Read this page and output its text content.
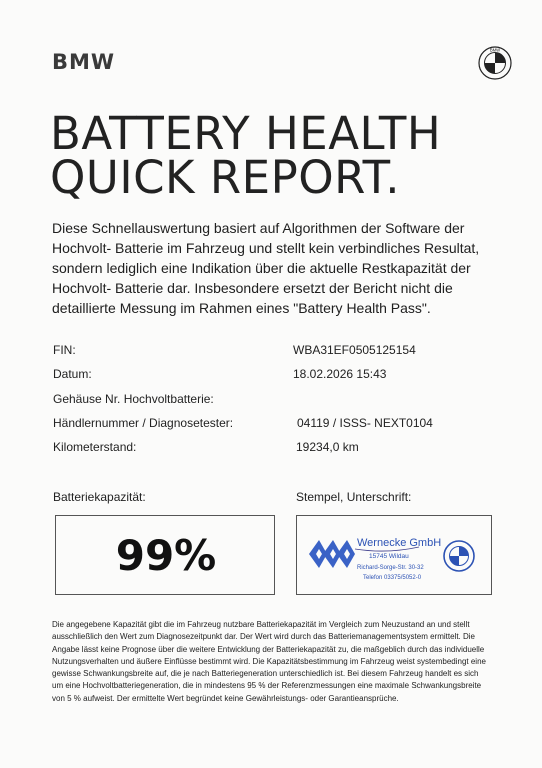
BMW	BMW
BATTERY HEALTH
QUICK REPORT.
Diese Schnellauswertung basiert auf Algorithmen der Software der
Hochvolt- Batterie im Fahrzeug und stellt kein verbindliches Resultat,
sondern lediglich eine Indikation über die aktuelle Restkapazität der
Hochvolt- Batterie dar. Insbesondere ersetzt der Bericht nicht die
detaillierte Messung im Rahmen eines "Battery Health Pass".
FIN:	WBA31EF0505125154
Datum:	18.02.2026 15:43
Gehäuse Nr. Hochvoltbatterie:
Händlernummer / Diagnosetester:	04119 / ISSS- NEXT0104
Kilometerstand:	19234,0 km
Batteriekapazität:	Stempel, Unterschrift:
99%	Wernecke GmbH
15745 Wildau
Richard-Sorge-Str. 30-32
Telefon 03375/5052-0
Die angegebene Kapazität gibt die im Fahrzeug nutzbare Batteriekapazität im Vergleich zum Neuzustand an und stellt
ausschließlich den Wert zum Diagnosezeitpunkt dar. Der Wert wird durch das Batteriemanagementsystem ermittelt. Die
Angabe lässt keine Prognose über die weitere Entwicklung der Batteriekapazität zu, die maßgeblich durch das individuelle
Nutzungsverhalten und äußere Einflüsse bestimmt wird. Die Kapazitätsbestimmung im Fahrzeug weist systembedingt eine
gewisse Schwankungsbreite auf, die je nach Batteriegeneration unterschiedlich ist. Bei diesem Fahrzeug handelt es sich
um eine Hochvoltbatteriegeneration, die in mindestens 95 % der Referenzmessungen eine maximale Schwankungsbreite
von 5 % aufweist. Der ermittelte Wert begründet keine Gewährleistungs- oder Garantieansprüche.
